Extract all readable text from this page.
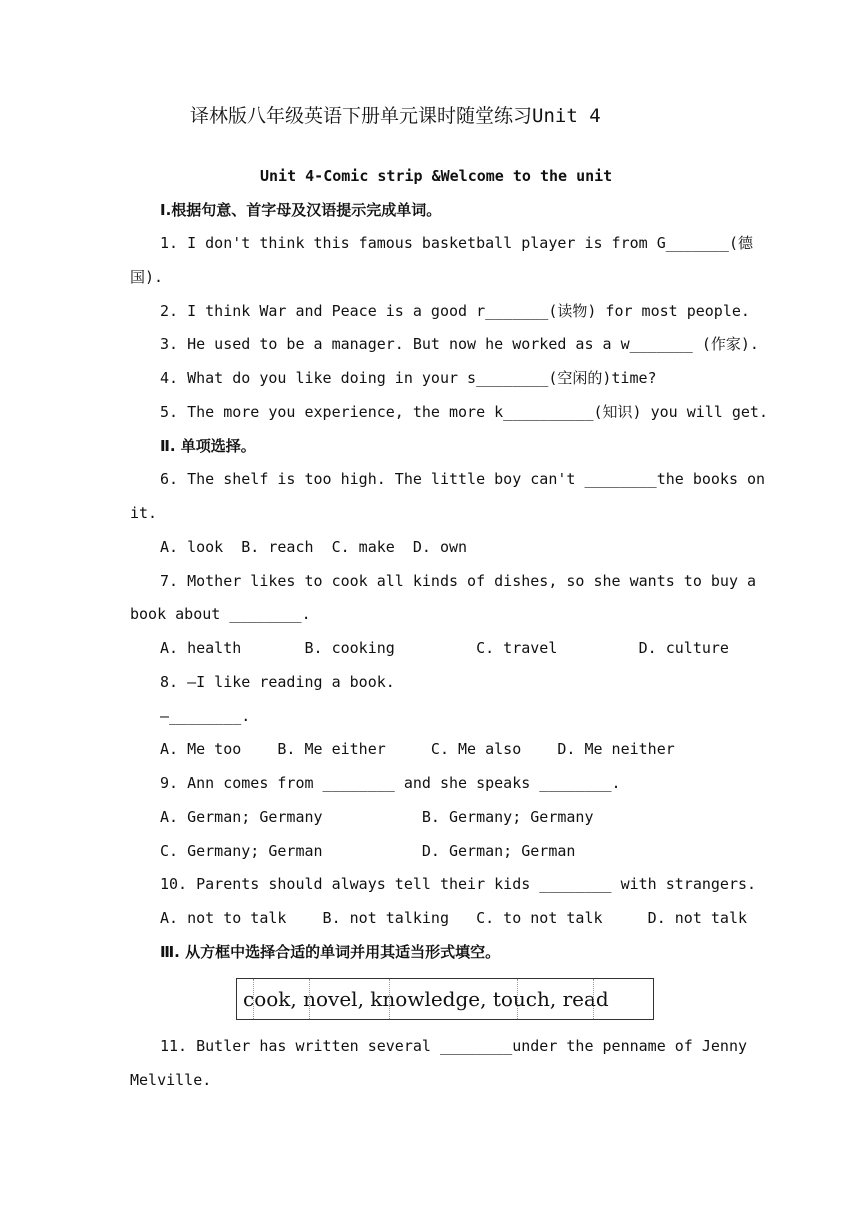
译林版八年级英语下册单元课时随堂练习Unit 4
Unit 4-Comic strip &Welcome to the unit
Ⅰ.根据句意、首字母及汉语提示完成单词。
1. I don't think this famous basketball player is from G_______(德
国).
2. I think War and Peace is a good r_______(读物) for most people.
3. He used to be a manager. But now he worked as a w_______ (作家).
4. What do you like doing in your s________(空闲的)time?
5. The more you experience, the more k__________(知识) you will get.
Ⅱ. 单项选择。
6. The shelf is too high. The little boy can't ________the books on
it.
A. look  B. reach  C. make  D. own
7. Mother likes to cook all kinds of dishes, so she wants to buy a
book about ________.
A. health       B. cooking         C. travel         D. culture
8. —I like reading a book.
—________.
A. Me too    B. Me either     C. Me also    D. Me neither
9. Ann comes from ________ and she speaks ________.
A. German; Germany           B. Germany; Germany
C. Germany; German           D. German; German
10. Parents should always tell their kids ________ with strangers.
A. not to talk    B. not talking   C. to not talk     D. not talk
Ⅲ. 从方框中选择合适的单词并用其适当形式填空。
cook, novel, knowledge, touch, read
11. Butler has written several ________under the penname of Jenny
Melville.
